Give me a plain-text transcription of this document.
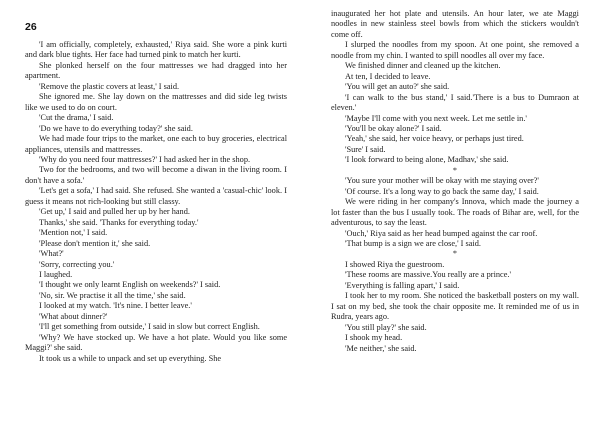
26

'I am officially, completely, exhausted,' Riya said. She wore a pink kurti and dark blue tights. Her face had turned pink to match her kurti.

She plonked herself on the four mattresses we had dragged into her apartment.

'Remove the plastic covers at least,' I said.

She ignored me. She lay down on the mattresses and did side leg twists like we used to do on court.

'Cut the drama,' I said.

'Do we have to do everything today?' she said.

We had made four trips to the market, one each to buy groceries, electrical appliances, utensils and mattresses.

'Why do you need four mattresses?' I had asked her in the shop.

Two for the bedrooms, and two will become a diwan in the living room. I don't have a sofa.'

'Let's get a sofa,' I had said. She refused. She wanted a 'casual-chic' look. I guess it means not rich-looking but still classy.

'Get up,' I said and pulled her up by her hand.

Thanks,' she said. 'Thanks for everything today.'

'Mention not,' I said.

'Please don't mention it,' she said.

'What?'

'Sorry, correcting you.'

I laughed.

'I thought we only learnt English on weekends?' I said.

'No, sir. We practise it all the time,' she said.

I looked at my watch. 'It's nine. I better leave.'

'What about dinner?'

'I'll get something from outside,' I said in slow but correct English.

'Why? We have stocked up. We have a hot plate. Would you like some Maggi?' she said.

It took us a while to unpack and set up everything. She

inaugurated her hot plate and utensils. An hour later, we ate Maggi noodles in new stainless steel bowls from which the stickers wouldn't come off.

I slurped the noodles from my spoon. At one point, she removed a noodle from my chin. I wanted to spill noodles all over my face.

We finished dinner and cleaned up the kitchen.

At ten, I decided to leave.

'You will get an auto?' she said.

'I can walk to the bus stand,' I said.'There is a bus to Dumraon at eleven.'

'Maybe I'll come with you next week. Let me settle in.'

'You'll be okay alone?' I said.

'Yeah,' she said, her voice heavy, or perhaps just tired.

'Sure' I said.

'I look forward to being alone, Madhav,' she said.

*

'You sure your mother will be okay with me staying over?'

'Of course. It's a long way to go back the same day,' I said.

We were riding in her company's Innova, which made the journey a lot faster than the bus I usually took. The roads of Bihar are, well, for the adventurous, to say the least.

'Ouch,' Riya said as her head bumped against the car roof.

'That bump is a sign we are close,' I said.

*

I showed Riya the guestroom.

'These rooms are massive.You really are a prince.'

'Everything is falling apart,' I said.

I took her to my room. She noticed the basketball posters on my wall. I sat on my bed, she took the chair opposite me. It reminded me of us in Rudra, years ago.

'You still play?' she said.

I shook my head.

'Me neither,' she said.
